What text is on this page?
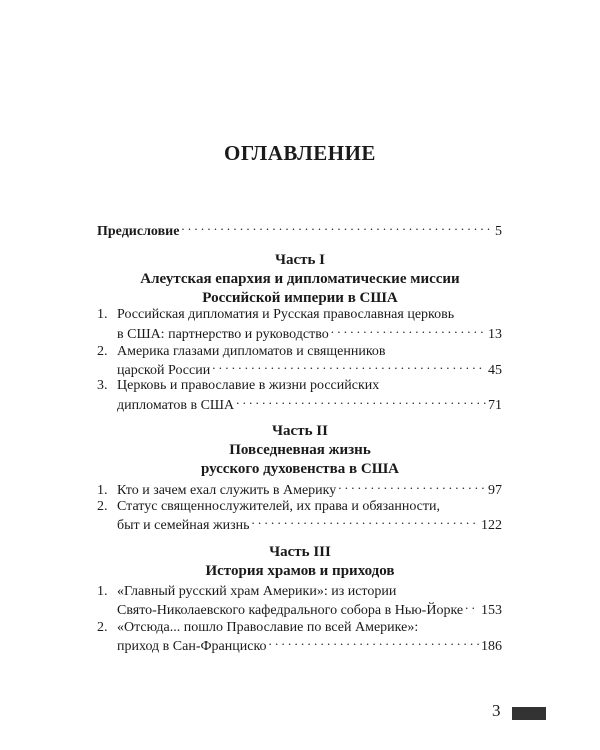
ОГЛАВЛЕНИЕ
Предисловие . . .	5
Часть I
Алеутская епархия и дипломатические миссии
Российской империи в США
1. Российская дипломатия и Русская православная церковь
в США: партнерство и руководство . . .	13
2. Америка глазами дипломатов и священников
царской России . . .	45
3. Церковь и православие в жизни российских
дипломатов в США . . .	71
Часть II
Повседневная жизнь
русского духовенства в США
1. Кто и зачем ехал служить в Америку . . .	97
2. Статус священнослужителей, их права и обязанности,
быт и семейная жизнь . . .	122
Часть III
История храмов и приходов
1. «Главный русский храм Америки»: из истории
Свято-Николаевского кафедрального собора в Нью-Йорке . . . 153
2. «Отсюда... пошло Православие по всей Америке»:
приход в Сан-Франциско . . .	186
3
